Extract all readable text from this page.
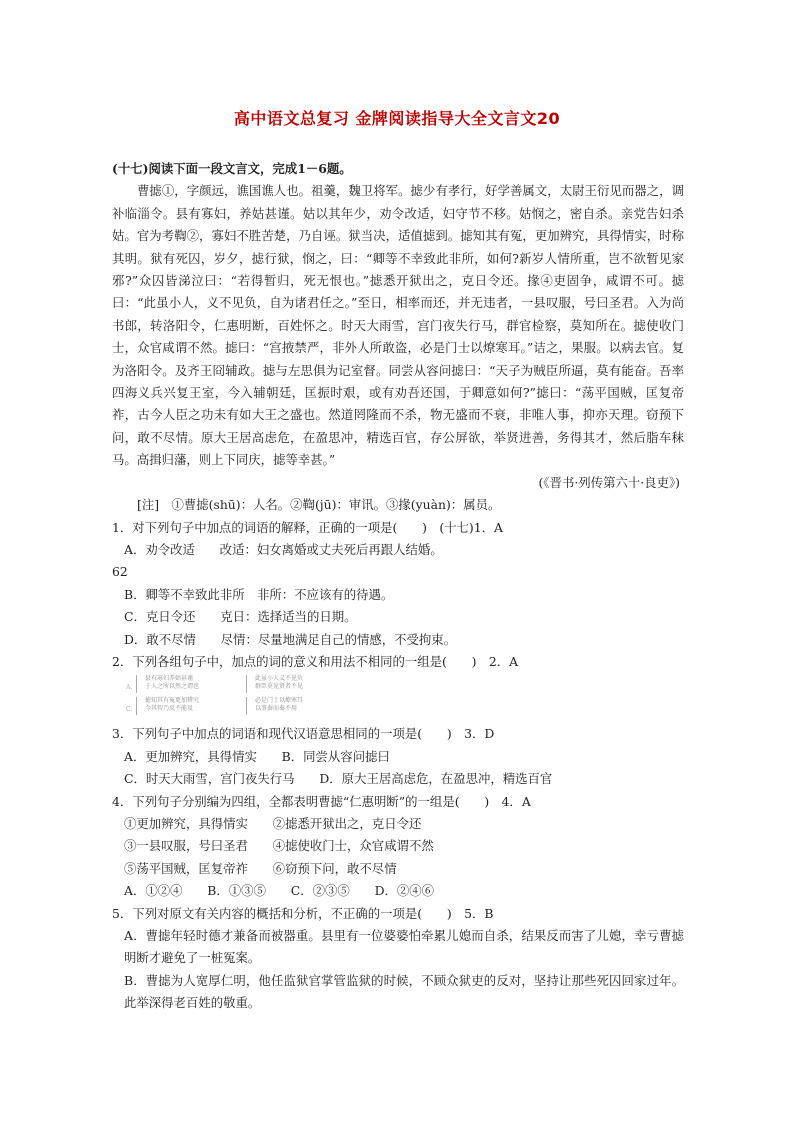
高中语文总复习 金牌阅读指导大全文言文20
(十七)阅读下面一段文言文，完成1－6题。

曹摅①，字颜远，谯国谯人也。祖羹，魏卫将军。摅少有孝行，好学善属文，太尉王衍见而器之，调补临淄令。县有寡妇，养姑甚谨。姑以其年少，劝令改适，妇守节不移。姑悯之，密自杀。亲党告妇杀姑。官为考鞫②，寡妇不胜苦楚，乃自诬。狱当决，适值摅到。摅知其有冤，更加辨究，具得情实，时称其明。狱有死囚，岁夕，摅行狱，悯之，曰：“卿等不幸致此非所，如何?新岁人情所重，岂不欲暂见家邪?”众囚皆涕泣曰：“若得暂归，死无恨也。”摅悉开狱出之，克日令还。掾④吏固争，咸谓不可。摅曰：“此虽小人，义不见负，自为诸君任之。”至日，相率而还，并无违者，一县叹服，号曰圣君。入为尚书郎，转洛阳令，仁惠明断，百姓怀之。时天大雨雪，宫门夜失行马，群官检察，莫知所在。摅使收门士，众官咸谓不然。摅曰：“宫掖禁严，非外人所敢盗，必是门士以燎寒耳。”诘之，果服。以病去官。复为洛阳令。及齐王冏辅政。摅与左思俱为记室督。同尝从容问摅曰：“天子为贼臣所逼，莫有能奋。吾率四海义兵兴复王室，今入辅朝廷，匡振时艰，或有劝吾还国，于卿意如何?”摅曰：“荡平国贼，匡复帝祚，古今人臣之功未有如大王之盛也。然道罔隆而不杀，物无盛而不衰，非唯人事，抑亦天理。窃预下问，敢不尽情。原大王居高虑危，在盈思冲，精选百官，存公屏欲，举贤进善，务得其才，然后脂车秣马。高揖归藩，则上下同庆，摅等幸甚。”

(《晋书·列传第六十·良吏》)
[注]　①曹摅(shū)：人名。②鞫(jū)：审讯。③掾(yuàn)：属员。
1．对下列句子中加点的词语的解释，正确的一项是(　　)　(十七)1．A
A．劝令改适　　改适：妇女离婚或丈夫死后再跟人结婚。
62
B．卿等不幸致此非所　非所：不应该有的待遇。
C．克日令还　　克日：选择适当的日期。
D．敢不尽情　　尽情：尽量地满足自己的情感，不受拘束。
2．下列各组句子中，加点的词的意义和用法不相同的一组是(　　)　2．A
A.
县有寡妇养姑甚谨
于人之所以然之谓也
此虽小人义不见负
群臣莫见贤者不见
C.
摅知其有冤更加辨究
今其智乃反不能及
必是门士以燎寒耳
以事秦而秦不用
3．下列句子中加点的词语和现代汉语意思相同的一项是(　　)　3．D
A．更加辨究，具得情实　　B．同尝从容问摅曰
C．时天大雨雪，宫门夜失行马　　D．原大王居高虑危，在盈思冲，精选百官
4．下列句子分别编为四组，全都表明曹摅“仁惠明断”的一组是(　　)　4．A
①更加辨究，具得情实　　②摅悉开狱出之，克日令还
③一县叹服，号曰圣君　　④摅使收门士，众官咸谓不然
⑤荡平国贼，匡复帝祚　　⑥窃预下问，敢不尽情
A．①②④　　B．①③⑤　　C．②③⑤　　D．②④⑥
5．下列对原文有关内容的概括和分析，不正确的一项是(　　)　5．B
A．曹摅年轻时德才兼备而被器重。县里有一位婆婆怕牵累儿媳而自杀，结果反而害了儿媳，幸亏曹摅明断才避免了一桩冤案。
B．曹摅为人宽厚仁明，他任监狱官掌管监狱的时候，不顾众狱吏的反对，坚持让那些死囚回家过年。此举深得老百姓的敬重。
